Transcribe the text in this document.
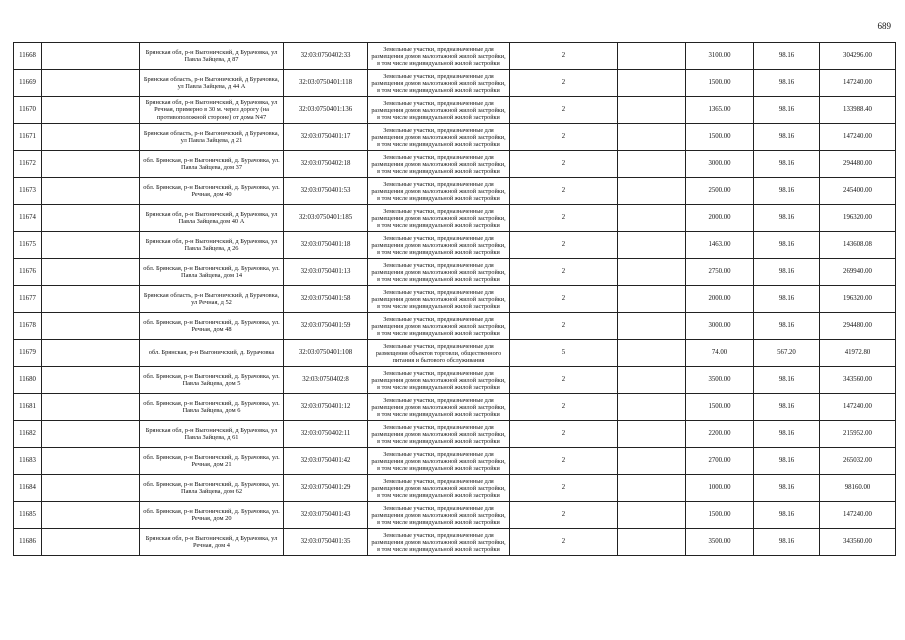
689
11668		Брянская обл, р-н Выгоничский, д Бурачовка, ул Павла Зайцева, д 87	32:03:0750402:33	Земельные участки, предназначенные для размещения домов малоэтажной жилой застройки, в том числе индивидуальной жилой застройки	2		3100.00	98.16	304296.00
11669		Брянская область, р-н Выгоничский, д Бурачовка, ул Павла Зайцева, д 44 А	32:03:0750401:118	Земельные участки, предназначенные для размещения домов малоэтажной жилой застройки, в том числе индивидуальной жилой застройки	2		1500.00	98.16	147240.00
11670		Брянская обл, р-н Выгоничский, д Бурачовка, ул Речная, примерно в 30 м. через дорогу (на противоположной стороне) от дома N47	32:03:0750401:136	Земельные участки, предназначенные для размещения домов малоэтажной жилой застройки, в том числе индивидуальной жилой застройки	2		1365.00	98.16	133988.40
11671		Брянская область, р-н Выгоничский, д Бурачовка, ул Павла Зайцева, д 21	32:03:0750401:17	Земельные участки, предназначенные для размещения домов малоэтажной жилой застройки, в том числе индивидуальной жилой застройки	2		1500.00	98.16	147240.00
11672		обл. Брянская, р-н Выгоничский, д. Бурачовка, ул. Павла Зайцева, дом 37	32:03:0750402:18	Земельные участки, предназначенные для размещения домов малоэтажной жилой застройки, в том числе индивидуальной жилой застройки	2		3000.00	98.16	294480.00
11673		обл. Брянская, р-н Выгоничский, д. Бурачовка, ул. Речная, дом 40	32:03:0750401:53	Земельные участки, предназначенные для размещения домов малоэтажной жилой застройки, в том числе индивидуальной жилой застройки	2		2500.00	98.16	245400.00
11674		Брянская обл, р-н Выгоничский, д Бурачовка, ул Павла Зайцева,дом 40 А	32:03:0750401:185	Земельные участки, предназначенные для размещения домов малоэтажной жилой застройки, в том числе индивидуальной жилой застройки	2		2000.00	98.16	196320.00
11675		Брянская обл, р-н Выгоничский, д Бурачовка, ул Павла Зайцева, д 26	32:03:0750401:18	Земельные участки, предназначенные для размещения домов малоэтажной жилой застройки, в том числе индивидуальной жилой застройки	2		1463.00	98.16	143608.08
11676		обл. Брянская, р-н Выгоничский, д. Бурачовка, ул. Павла Зайцева, дом 14	32:03:0750401:13	Земельные участки, предназначенные для размещения домов малоэтажной жилой застройки, в том числе индивидуальной жилой застройки	2		2750.00	98.16	269940.00
11677		Брянская область, р-н Выгоничский, д Бурачовка, ул Речная, д 52	32:03:0750401:58	Земельные участки, предназначенные для размещения домов малоэтажной жилой застройки, в том числе индивидуальной жилой застройки	2		2000.00	98.16	196320.00
11678		обл. Брянская, р-н Выгоничский, д. Бурачовка, ул. Речная, дом 48	32:03:0750401:59	Земельные участки, предназначенные для размещения домов малоэтажной жилой застройки, в том числе индивидуальной жилой застройки	2		3000.00	98.16	294480.00
11679		обл. Брянская, р-н Выгоничский, д. Бурачовка	32:03:0750401:108	Земельные участки, предназначенные для размещения объектов торговли, общественного питания и бытового обслуживания	5		74.00	567.20	41972.80
11680		обл. Брянская, р-н Выгоничский, д. Бурачовка, ул. Павла Зайцева, дом 5	32:03:0750402:8	Земельные участки, предназначенные для размещения домов малоэтажной жилой застройки, в том числе индивидуальной жилой застройки	2		3500.00	98.16	343560.00
11681		обл. Брянская, р-н Выгоничский, д. Бурачовка, ул. Павла Зайцева, дом 6	32:03:0750401:12	Земельные участки, предназначенные для размещения домов малоэтажной жилой застройки, в том числе индивидуальной жилой застройки	2		1500.00	98.16	147240.00
11682		Брянская обл, р-н Выгоничский, д Бурачовка, ул Павла Зайцева, д 61	32:03:0750402:11	Земельные участки, предназначенные для размещения домов малоэтажной жилой застройки, в том числе индивидуальной жилой застройки	2		2200.00	98.16	215952.00
11683		обл. Брянская, р-н Выгоничский, д. Бурачовка, ул. Речная, дом 21	32:03:0750401:42	Земельные участки, предназначенные для размещения домов малоэтажной жилой застройки, в том числе индивидуальной жилой застройки	2		2700.00	98.16	265032.00
11684		обл. Брянская, р-н Выгоничский, д. Бурачовка, ул. Павла Зайцева, дом 62	32:03:0750401:29	Земельные участки, предназначенные для размещения домов малоэтажной жилой застройки, в том числе индивидуальной жилой застройки	2		1000.00	98.16	98160.00
11685		обл. Брянская, р-н Выгоничский, д. Бурачовка, ул. Речная, дом 20	32:03:0750401:43	Земельные участки, предназначенные для размещения домов малоэтажной жилой застройки, в том числе индивидуальной жилой застройки	2		1500.00	98.16	147240.00
11686		Брянская обл, р-н Выгоничский, д Бурачовка, ул Речная, дом 4	32:03:0750401:35	Земельные участки, предназначенные для размещения домов малоэтажной жилой застройки, в том числе индивидуальной жилой застройки	2		3500.00	98.16	343560.00
